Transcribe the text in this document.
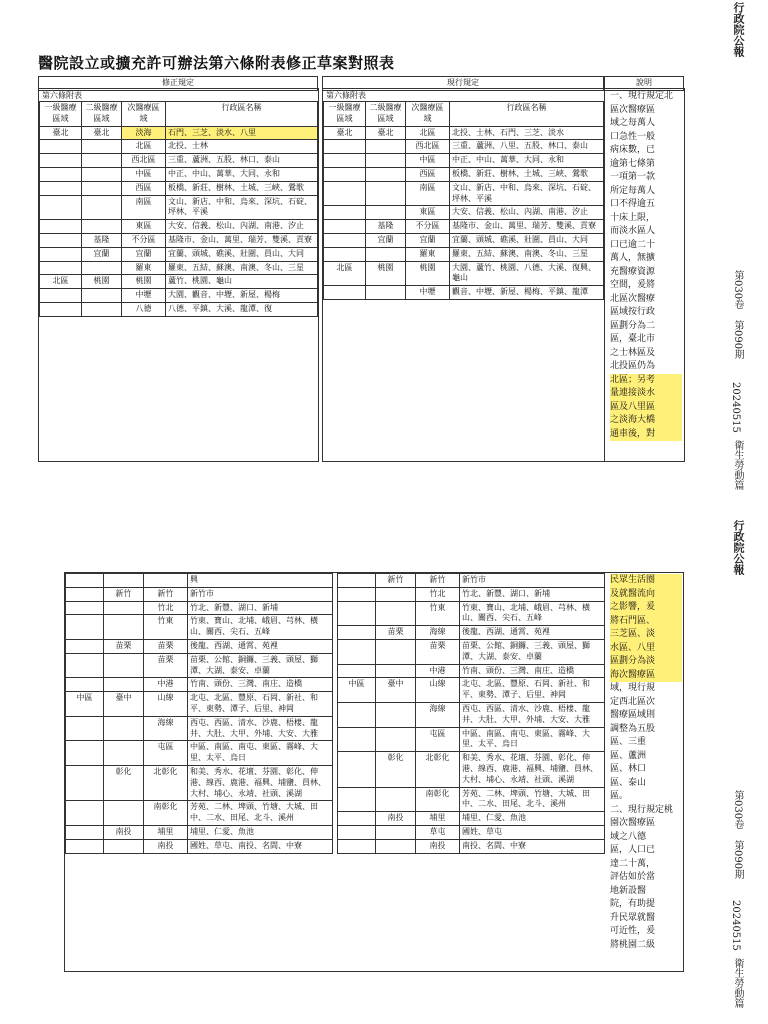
醫院設立或擴充許可辦法第六條附表修正草案對照表
修正規定	現行規定	說明
第六條附表	第六條附表
一級醫療區域	二級醫療區域	次醫療區域	行政區名稱
臺北	臺北	淡海	石門、三芝、淡水、八里
		北區	北投、士林
		西北區	三重、蘆洲、五股、林口、泰山
		中區	中正、中山、萬華、大同、永和
		西區	板橋、新莊、樹林、土城、三峽、鶯歌
		南區	文山、新店、中和、烏來、深坑、石碇、坪林、平溪
		東區	大安、信義、松山、內湖、南港、汐止
	基隆	不分區	基隆市、金山、萬里、瑞芳、雙溪、貢寮
	宜蘭	宜蘭	宜蘭、頭城、礁溪、壯圍、員山、大同
		羅東	羅東、五結、蘇澳、南澳、冬山、三星
北區	桃園	桃園	蘆竹、桃園、龜山
		中壢	大園、觀音、中壢、新屋、楊梅
		八德	八德、平鎮、大溪、龍潭、復
一級醫療區域	二級醫療區域	次醫療區域	行政區名稱
臺北	臺北	北區	北投、士林、石門、三芝、淡水
		西北區	三重、蘆洲、八里、五股、林口、泰山
		中區	中正、中山、萬華、大同、永和
		西區	板橋、新莊、樹林、土城、三峽、鶯歌
		南區	文山、新店、中和、烏來、深坑、石碇、坪林、平溪
		東區	大安、信義、松山、內湖、南港、汐止
	基隆	不分區	基隆市、金山、萬里、瑞芳、雙溪、貢寮
	宜蘭	宜蘭	宜蘭、頭城、礁溪、壯圍、員山、大同
		羅東	羅東、五結、蘇澳、南澳、冬山、三星
北區	桃園	桃園	大園、蘆竹、桃園、八德、大溪、復興、龜山
		中壢	觀音、中壢、新屋、楊梅、平鎮、龍潭
一、現行規定北
區次醫療區
域之每萬人
口急性一般
病床數，已
逾第七條第
一項第一款
所定每萬人
口不得逾五
十床上限，
而淡水區人
口已逾二十
萬人，無擴
充醫療資源
空間，爰將
北區次醫療
區域按行政
區劃分為二
區，臺北市
之士林區及
北投區仍為
北區；另考
量連接淡水
區及八里區
之淡海大橋
通車後，對
行政院公報
第030卷
第090期
20240515
衛生勞動篇
			興
	新竹	新竹	新竹市
		竹北	竹北、新豐、湖口、新埔
		竹東	竹東、寶山、北埔、峨眉、芎林、橫山、關西、尖石、五峰
	苗栗	苗栗	後龍、西湖、通霄、苑裡
		苗栗	苗栗、公館、銅鑼、三義、頭屋、獅潭、大湖、泰安、卓蘭
		中港	竹南、頭份、三灣、南庄、造橋
中區	臺中	山線	北屯、北區、豐原、石岡、新社、和平、東勢、潭子、后里、神岡
		海線	西屯、西區、清水、沙鹿、梧棲、龍井、大肚、大甲、外埔、大安、大雅
		屯區	中區、南區、南屯、東區、霧峰、大里、太平、烏日
	彰化	北彰化	和美、秀水、花壇、芬園、彰化、伸港、線西、鹿港、福興、埔鹽、員林、大村、埔心、永靖、社頭、溪湖
		南彰化	芳苑、二林、埤頭、竹塘、大城、田中、二水、田尾、北斗、溪州
	南投	埔里	埔里、仁愛、魚池
		南投	國姓、草屯、南投、名間、中寮
	新竹	新竹	新竹市
		竹北	竹北、新豐、湖口、新埔
		竹東	竹東、寶山、北埔、峨眉、芎林、橫山、關西、尖石、五峰
	苗栗	海線	後龍、西湖、通霄、苑裡
		苗栗	苗栗、公館、銅鑼、三義、頭屋、獅潭、大湖、泰安、卓蘭
		中港	竹南、頭份、三灣、南庄、造橋
中區	臺中	山線	北屯、北區、豐原、石岡、新社、和平、東勢、潭子、后里、神岡
		海線	西屯、西區、清水、沙鹿、梧棲、龍井、大肚、大甲、外埔、大安、大雅
		屯區	中區、南區、南屯、東區、霧峰、大里、太平、烏日
	彰化	北彰化	和美、秀水、花壇、芬園、彰化、伸港、線西、鹿港、福興、埔鹽、員林、大村、埔心、永靖、社頭、溪湖
		南彰化	芳苑、二林、埤頭、竹塘、大城、田中、二水、田尾、北斗、溪州
	南投	埔里	埔里、仁愛、魚池
		草屯	國姓、草屯
		南投	南投、名間、中寮
民眾生活圈
及就醫流向
之影響，爰
將石門區、
三芝區、淡
水區、八里
區劃分為淡
海次醫療區
域，現行規
定西北區次
醫療區域則
調整為五股
區、三重
區、蘆洲
區、林口
區、泰山
區。
二、現行規定桃
園次醫療區
域之八德
區，人口已
達二十萬，
評估如於當
地新設醫
院，有助提
升民眾就醫
可近性，爰
將桃園二級
行政院公報
第030卷
第090期
20240515
衛生勞動篇
